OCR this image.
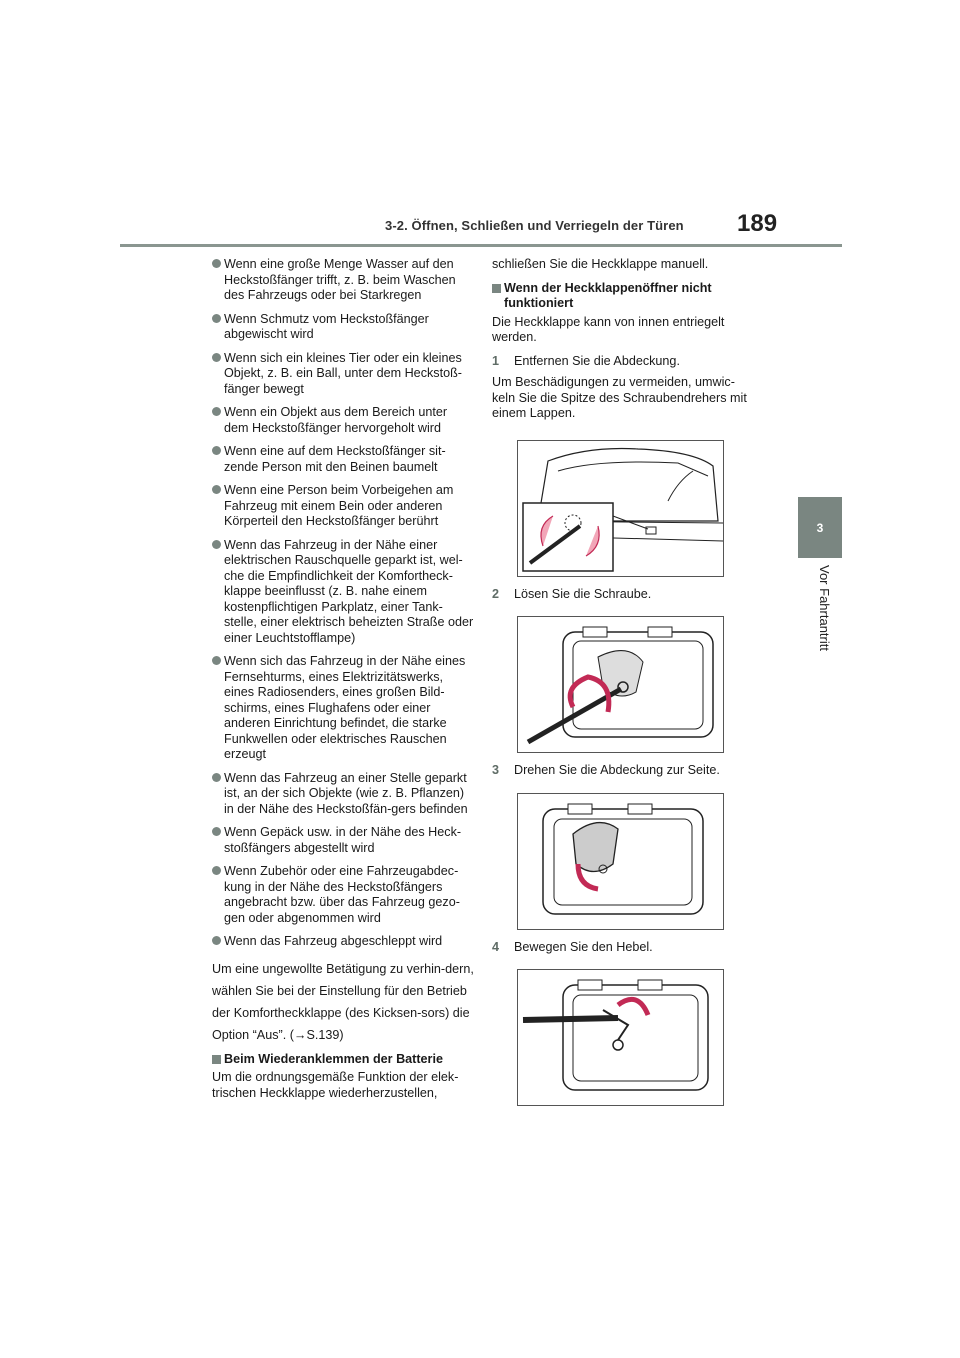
3-2. Öffnen, Schließen und Verriegeln der Türen	189
3
Vor Fahrtantritt
Wenn eine große Menge Wasser auf den Heckstoßfänger trifft, z. B. beim Waschen des Fahrzeugs oder bei Starkregen
Wenn Schmutz vom Heckstoßfänger abgewischt wird
Wenn sich ein kleines Tier oder ein kleines Objekt, z. B. ein Ball, unter dem Heckstoß-fänger bewegt
Wenn ein Objekt aus dem Bereich unter dem Heckstoßfänger hervorgeholt wird
Wenn eine auf dem Heckstoßfänger sit-zende Person mit den Beinen baumelt
Wenn eine Person beim Vorbeigehen am Fahrzeug mit einem Bein oder anderen Körperteil den Heckstoßfänger berührt
Wenn das Fahrzeug in der Nähe einer elektrischen Rauschquelle geparkt ist, wel-che die Empfindlichkeit der Komfortheck-klappe beeinflusst (z. B. nahe einem kostenpflichtigen Parkplatz, einer Tank-stelle, einer elektrisch beheizten Straße oder einer Leuchtstofflampe)
Wenn sich das Fahrzeug in der Nähe eines Fernsehturms, eines Elektrizitätswerks, eines Radiosenders, eines großen Bild-schirms, eines Flughafens oder einer anderen Einrichtung befindet, die starke Funkwellen oder elektrisches Rauschen erzeugt
Wenn das Fahrzeug an einer Stelle geparkt ist, an der sich Objekte (wie z. B. Pflanzen) in der Nähe des Heckstoßfän-gers befinden
Wenn Gepäck usw. in der Nähe des Heck-stoßfängers abgestellt wird
Wenn Zubehör oder eine Fahrzeugabdec-kung in der Nähe des Heckstoßfängers angebracht bzw. über das Fahrzeug gezo-gen oder abgenommen wird
Wenn das Fahrzeug abgeschleppt wird

Um eine ungewollte Betätigung zu verhin-dern, wählen Sie bei der Einstellung für den Betrieb der Komfortheckklappe (des Kicksen-sors) die Option “Aus”. (→S.139)

Beim Wiederanklemmen der Batterie

Um die ordnungsgemäße Funktion der elek-trischen Heckklappe wiederherzustellen,

schließen Sie die Heckklappe manuell.

Wenn der Heckklappenöffner nicht funktioniert

Die Heckklappe kann von innen entriegelt werden.

1	Entfernen Sie die Abdeckung.

Um Beschädigungen zu vermeiden, umwic-keln Sie die Spitze des Schraubendrehers mit einem Lappen.

2	Lösen Sie die Schraube.
3	Drehen Sie die Abdeckung zur Seite.
4	Bewegen Sie den Hebel.
